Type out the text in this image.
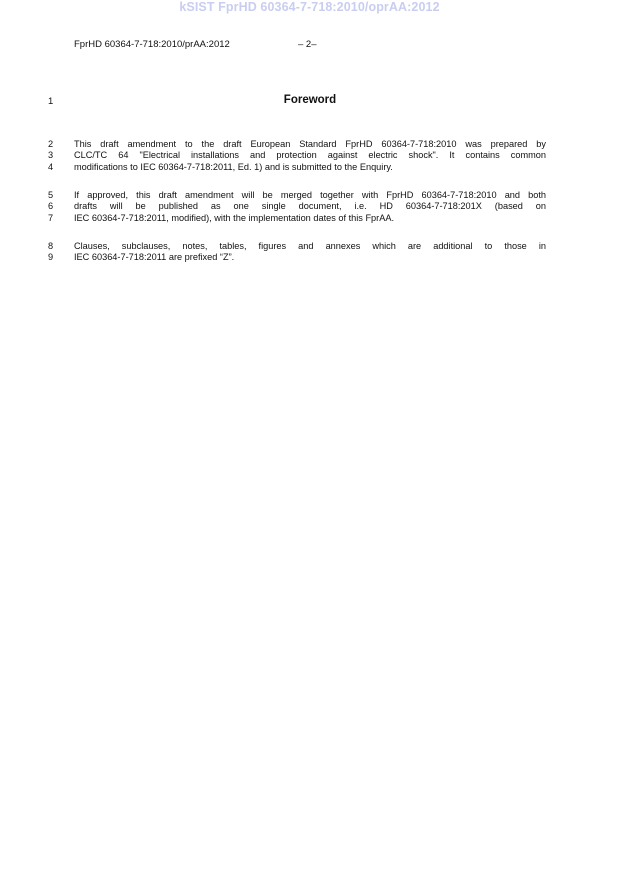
kSIST FprHD 60364-7-718:2010/oprAA:2012
FprHD 60364-7-718:2010/prAA:2012	– 2–
1	Foreword
2 This draft amendment to the draft European Standard FprHD 60364-7-718:2010 was prepared by
3 CLC/TC 64 "Electrical installations and protection against electric shock". It contains common
4 modifications to IEC 60364-7-718:2011, Ed. 1) and is submitted to the Enquiry.
5 If approved, this draft amendment will be merged together with FprHD 60364-7-718:2010 and both
6 drafts will be published as one single document, i.e. HD 60364-7-718:201X (based on
7 IEC 60364-7-718:2011, modified), with the implementation dates of this FprAA.
8 Clauses, subclauses, notes, tables, figures and annexes which are additional to those in
9 IEC 60364-7-718:2011 are prefixed “Z”.
